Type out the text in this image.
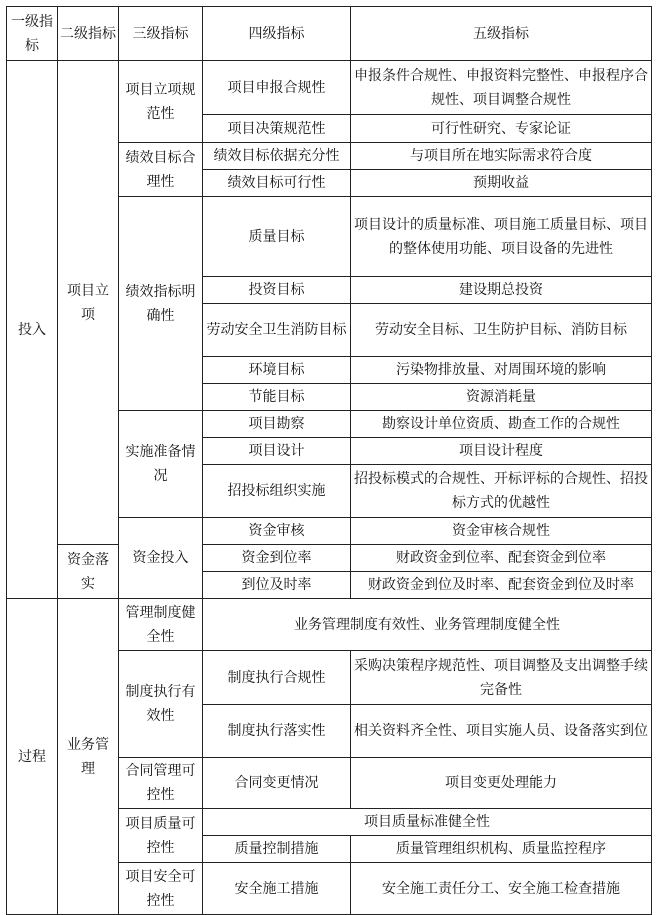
一级指标	二级指标	三级指标	四级指标	五级指标
投入	项目立项	项目立项规范性	项目申报合规性	申报条件合规性、申报资料完整性、申报程序合规性、项目调整合规性
			项目决策规范性	可行性研究、专家论证
		绩效目标合理性	绩效目标依据充分性	与项目所在地实际需求符合度
			绩效目标可行性	预期收益
		绩效指标明确性	质量目标	项目设计的质量标准、项目施工质量目标、项目的整体使用功能、项目设备的先进性
			投资目标	建设期总投资
			劳动安全卫生消防目标	劳动安全目标、卫生防护目标、消防目标
			环境目标	污染物排放量、对周围环境的影响
			节能目标	资源消耗量
		实施准备情况	项目勘察	勘察设计单位资质、勘查工作的合规性
			项目设计	项目设计程度
			招投标组织实施	招投标模式的合规性、开标评标的合规性、招投标方式的优越性
		资金投入	资金审核	资金审核合规性
	资金落实		资金到位率	财政资金到位率、配套资金到位率
			到位及时率	财政资金到位及时率、配套资金到位及时率
过程	业务管理	管理制度健全性	业务管理制度有效性、业务管理制度健全性	
		制度执行有效性	制度执行合规性	采购决策程序规范性、项目调整及支出调整手续完备性
			制度执行落实性	相关资料齐全性、项目实施人员、设备落实到位
		合同管理可控性	合同变更情况	项目变更处理能力
		项目质量可控性	项目质量标准健全性	
			质量控制措施	质量管理组织机构、质量监控程序
		项目安全可控性	安全施工措施	安全施工责任分工、安全施工检查措施
